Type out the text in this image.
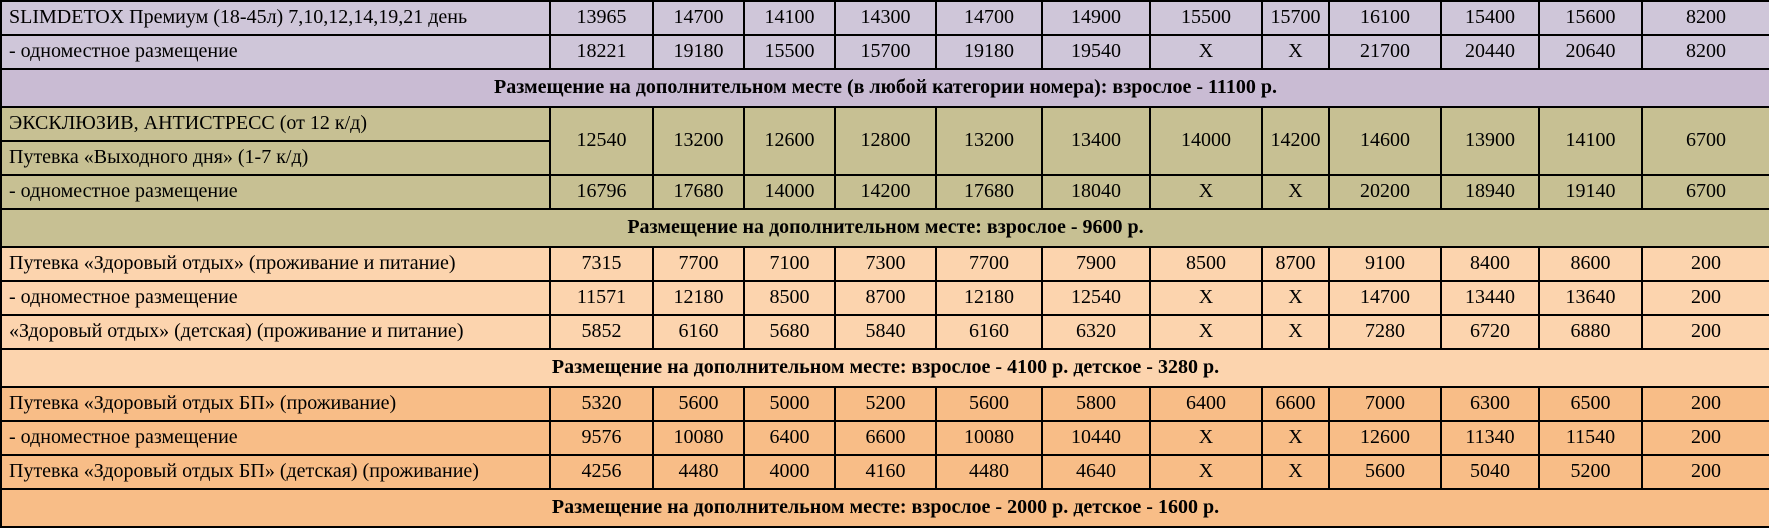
SLIMDETOX Премиум (18-45л) 7,10,12,14,19,21 день	13965	14700	14100	14300	14700	14900	15500	15700	16100	15400	15600	8200
- одноместное размещение	18221	19180	15500	15700	19180	19540	X	X	21700	20440	20640	8200
Размещение на дополнительном месте (в любой категории номера): взрослое - 11100 р.												
ЭКСКЛЮЗИВ, АНТИСТРЕСС (от 12 к/д)	12540	13200	12600	12800	13200	13400	14000	14200	14600	13900	14100	6700
Путевка «Выходного дня» (1-7 к/д)												
- одноместное размещение	16796	17680	14000	14200	17680	18040	X	X	20200	18940	19140	6700
Размещение на дополнительном месте: взрослое - 9600 р.												
Путевка «Здоровый отдых» (проживание и питание)	7315	7700	7100	7300	7700	7900	8500	8700	9100	8400	8600	200
- одноместное размещение	11571	12180	8500	8700	12180	12540	X	X	14700	13440	13640	200
«Здоровый отдых» (детская) (проживание и питание)	5852	6160	5680	5840	6160	6320	X	X	7280	6720	6880	200
Размещение на дополнительном месте: взрослое - 4100 р. детское - 3280 р.												
Путевка «Здоровый отдых БП» (проживание)	5320	5600	5000	5200	5600	5800	6400	6600	7000	6300	6500	200
- одноместное размещение	9576	10080	6400	6600	10080	10440	X	X	12600	11340	11540	200
Путевка «Здоровый отдых БП» (детская) (проживание)	4256	4480	4000	4160	4480	4640	X	X	5600	5040	5200	200
Размещение на дополнительном месте: взрослое - 2000 р. детское - 1600 р.												
